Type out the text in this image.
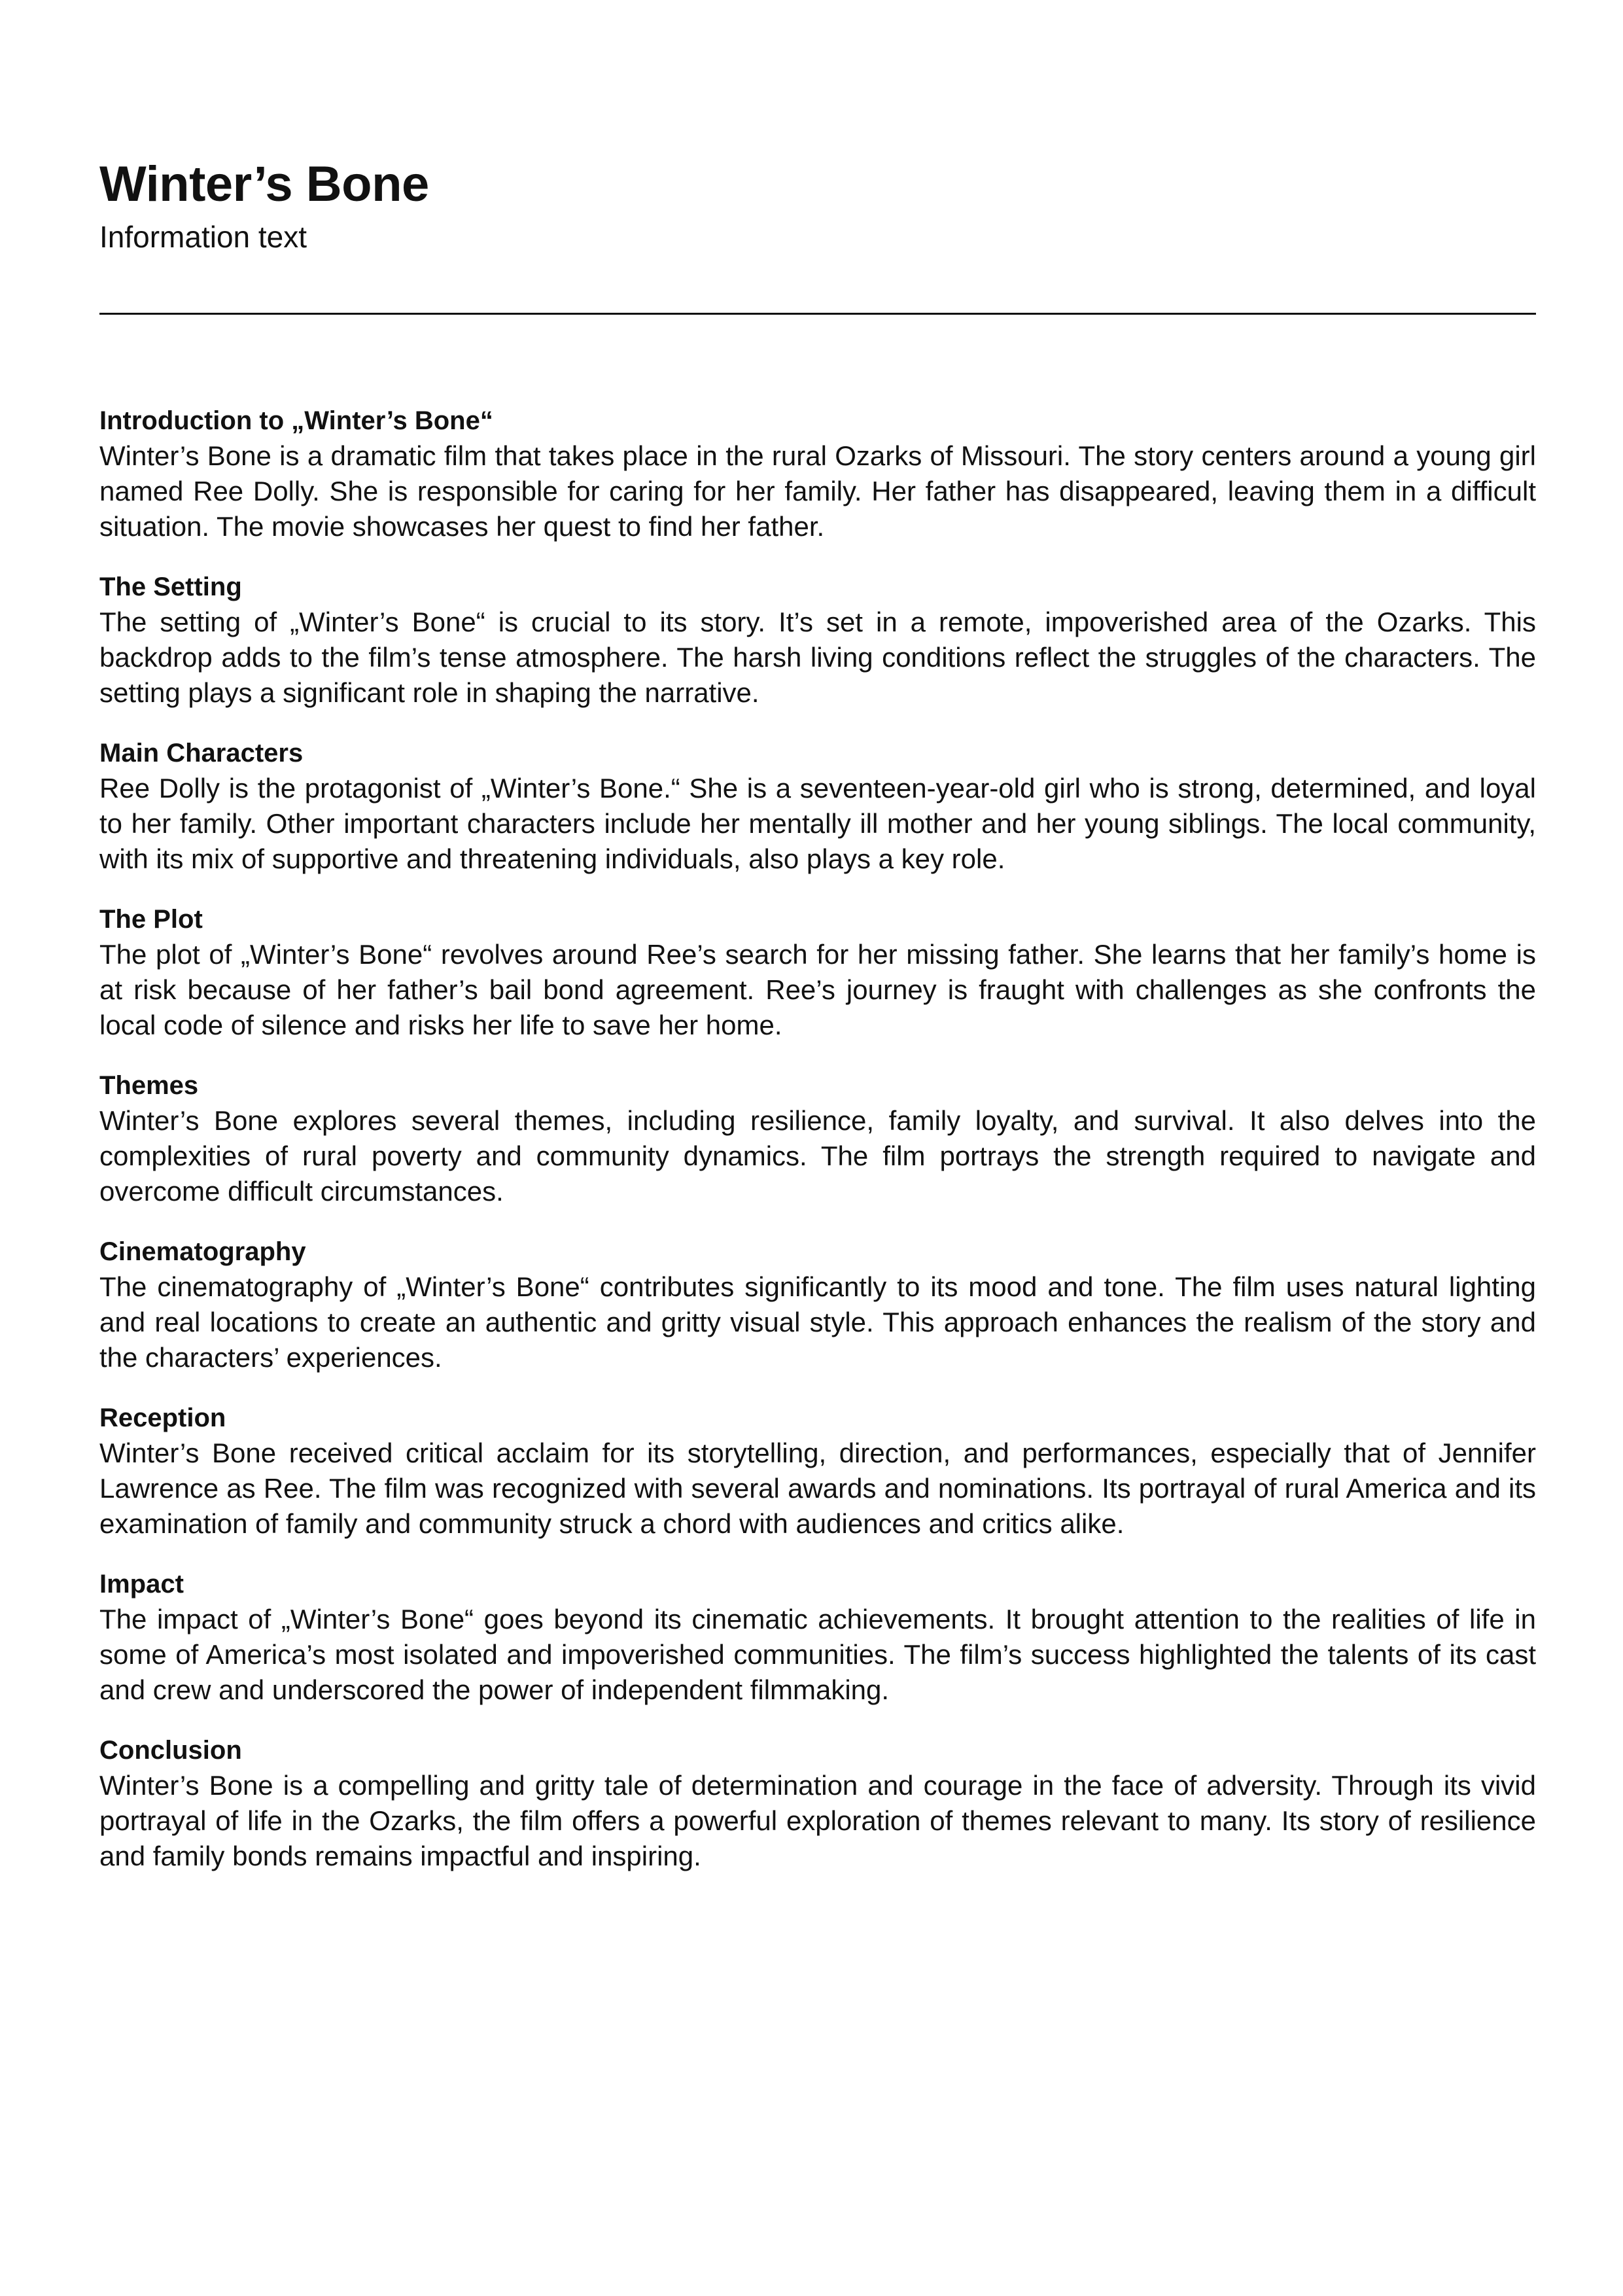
Winter’s Bone

Information text

Introduction to „Winter’s Bone“

Winter’s Bone is a dramatic film that takes place in the rural Ozarks of Missouri. The story centers around a young girl named Ree Dolly. She is responsible for caring for her family. Her father has disappeared, leaving them in a difficult situation. The movie showcases her quest to find her father.

The Setting

The setting of „Winter’s Bone“ is crucial to its story. It’s set in a remote, impoverished area of the Ozarks. This backdrop adds to the film’s tense atmosphere. The harsh living conditions reflect the struggles of the characters. The setting plays a significant role in shaping the narrative.

Main Characters

Ree Dolly is the protagonist of „Winter’s Bone.“ She is a seventeen-year-old girl who is strong, determined, and loyal to her family. Other important characters include her mentally ill mother and her young siblings. The local community, with its mix of supportive and threatening individuals, also plays a key role.

The Plot

The plot of „Winter’s Bone“ revolves around Ree’s search for her missing father. She learns that her family’s home is at risk because of her father’s bail bond agreement. Ree’s journey is fraught with challenges as she confronts the local code of silence and risks her life to save her home.

Themes

Winter’s Bone explores several themes, including resilience, family loyalty, and survival. It also delves into the complexities of rural poverty and community dynamics. The film portrays the strength required to navigate and overcome difficult circumstances.

Cinematography

The cinematography of „Winter’s Bone“ contributes significantly to its mood and tone. The film uses natural lighting and real locations to create an authentic and gritty visual style. This approach enhances the realism of the story and the characters’ experiences.

Reception

Winter’s Bone received critical acclaim for its storytelling, direction, and performances, especially that of Jennifer Lawrence as Ree. The film was recognized with several awards and nominations. Its portrayal of rural America and its examination of family and community struck a chord with audiences and critics alike.

Impact

The impact of „Winter’s Bone“ goes beyond its cinematic achievements. It brought attention to the realities of life in some of America’s most isolated and impoverished communities. The film’s success highlighted the talents of its cast and crew and underscored the power of independent filmmaking.

Conclusion

Winter’s Bone is a compelling and gritty tale of determination and courage in the face of adversity. Through its vivid portrayal of life in the Ozarks, the film offers a powerful exploration of themes relevant to many. Its story of resilience and family bonds remains impactful and inspiring.
